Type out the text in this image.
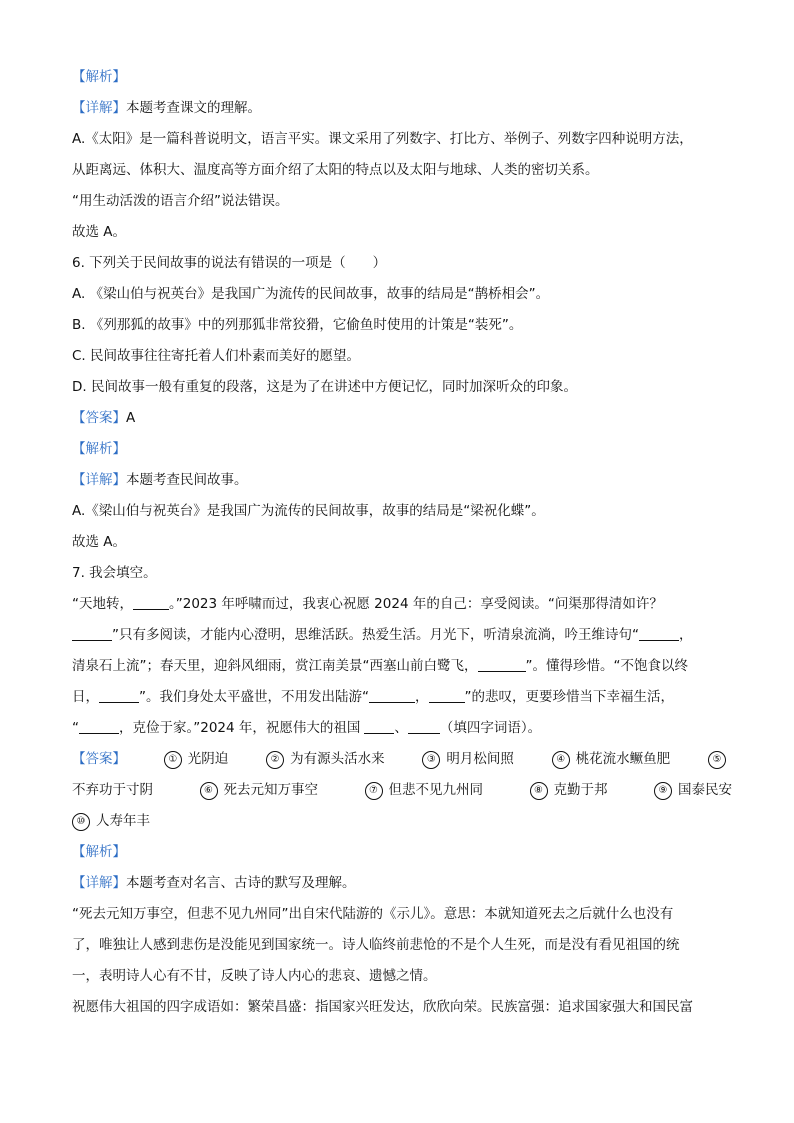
【解析】
【详解】本题考查课文的理解。
A.《太阳》是一篇科普说明文，语言平实。课文采用了列数字、打比方、举例子、列数字四种说明方法，
从距离远、体积大、温度高等方面介绍了太阳的特点以及太阳与地球、人类的密切关系。
“用生动活泼的语言介绍”说法错误。
故选 A。
6. 下列关于民间故事的说法有错误的一项是（　　）
A. 《梁山伯与祝英台》是我国广为流传的民间故事，故事的结局是“鹊桥相会”。
B. 《列那狐的故事》中的列那狐非常狡猾，它偷鱼时使用的计策是“装死”。
C. 民间故事往往寄托着人们朴素而美好的愿望。
D. 民间故事一般有重复的段落，这是为了在讲述中方便记忆，同时加深听众的印象。
【答案】A
【解析】
【详解】本题考查民间故事。
A.《梁山伯与祝英台》是我国广为流传的民间故事，故事的结局是“梁祝化蝶”。
故选 A。
7. 我会填空。
“天地转，	。”2023 年呼啸而过，我衷心祝愿 2024 年的自己：享受阅读。“问渠那得清如许？
”只有多阅读，才能内心澄明，思维活跃。热爱生活。月光下，听清泉流淌，吟王维诗句“	，
清泉石上流”；春天里，迎斜风细雨，赏江南美景“西塞山前白鹭飞，	”。懂得珍惜。“不饱食以终
日，	”。我们身处太平盛世，不用发出陆游“	，	”的悲叹，更要珍惜当下幸福生活，
“	，克俭于家。”2024 年，祝愿伟大的祖国	、 （填四字词语）。
【答案】	① 光阴迫	② 为有源头活水来	③ 明月松间照	④ 桃花流水鳜鱼肥	⑤
不弃功于寸阴	⑥ 死去元知万事空	⑦ 但悲不见九州同	⑧ 克勤于邦	⑨ 国泰民安
⑩ 人寿年丰
【解析】
【详解】本题考查对名言、古诗的默写及理解。
“死去元知万事空，但悲不见九州同”出自宋代陆游的《示儿》。意思：本就知道死去之后就什么也没有
了，唯独让人感到悲伤是没能见到国家统一。诗人临终前悲怆的不是个人生死，而是没有看见祖国的统
一，表明诗人心有不甘，反映了诗人内心的悲哀、遗憾之情。
祝愿伟大祖国的四字成语如：繁荣昌盛：指国家兴旺发达，欣欣向荣。民族富强：追求国家强大和国民富
